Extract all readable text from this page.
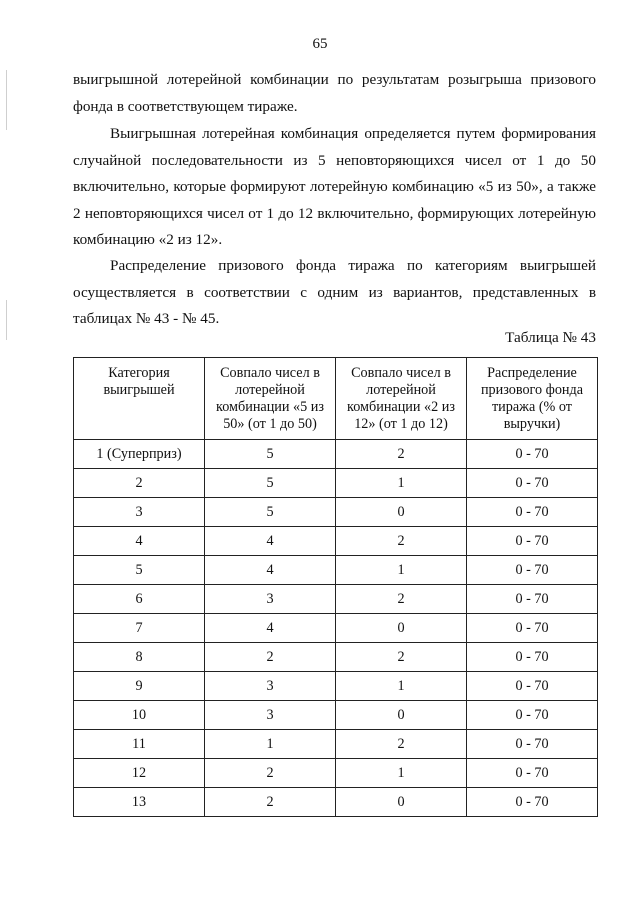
65

выигрышной лотерейной комбинации по результатам розыгрыша призового фонда в соответствующем тираже.

Выигрышная лотерейная комбинация определяется путем формирования случайной последовательности из 5 неповторяющихся чисел от 1 до 50 включительно, которые формируют лотерейную комбинацию «5 из 50», а также 2 неповторяющихся чисел от 1 до 12 включительно, формирующих лотерейную комбинацию «2 из 12».

Распределение призового фонда тиража по категориям выигрышей осуществляется в соответствии с одним из вариантов, представленных в таблицах № 43 - № 45.

Таблица № 43
Категория выигрышей	Совпало чисел в лотерейной комбинации «5 из 50» (от 1 до 50)	Совпало чисел в лотерейной комбинации «2 из 12» (от 1 до 12)	Распределение призового фонда тиража (% от выручки)
1 (Суперприз)	5	2	0 - 70
2	5	1	0 - 70
3	5	0	0 - 70
4	4	2	0 - 70
5	4	1	0 - 70
6	3	2	0 - 70
7	4	0	0 - 70
8	2	2	0 - 70
9	3	1	0 - 70
10	3	0	0 - 70
11	1	2	0 - 70
12	2	1	0 - 70
13	2	0	0 - 70
